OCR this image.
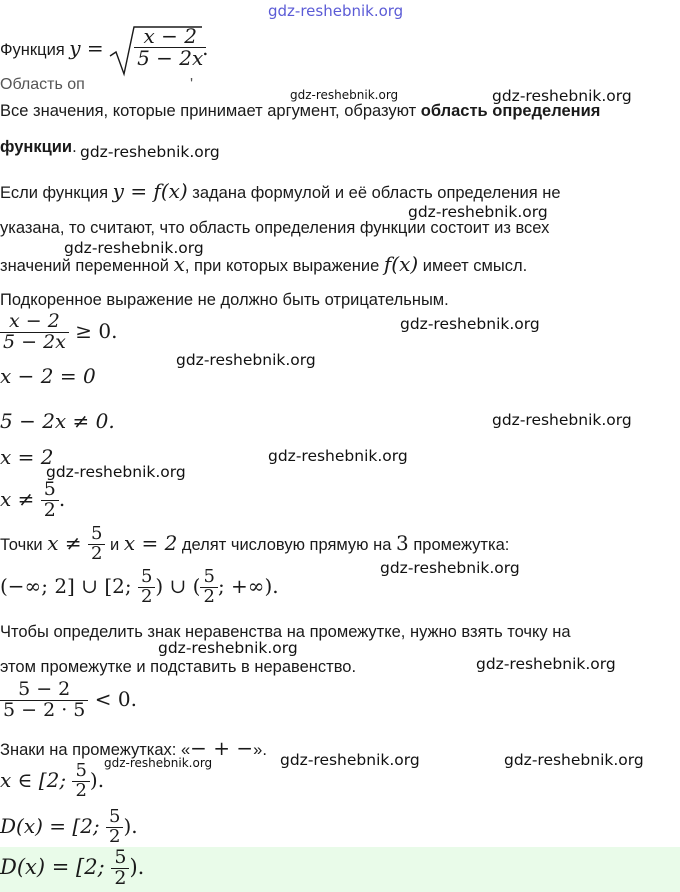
gdz-reshebnik.org
gdz-reshebnik.org	gdz-reshebnik.org
gdz-reshebnik.org
gdz-reshebnik.org
gdz-reshebnik.org
gdz-reshebnik.org
gdz-reshebnik.org
gdz-reshebnik.org
gdz-reshebnik.org
gdz-reshebnik.org
gdz-reshebnik.org
gdz-reshebnik.org
gdz-reshebnik.org
gdz-reshebnik.org	gdz-reshebnik.org	gdz-reshebnik.org
Функция $y = \frac{x - 2}{5 - 2x}$
.
Область оп	'
Все значения, которые принимает аргумент, образуют область определения
функции.
Если функция y = f(x) задана формулой и её область определения не
указана, то считают, что область определения функции состоит из всех
значений переменной x, при которых выражение f(x) имеет смысл.
Подкоренное выражение не должно быть отрицательным.
$\frac{x - 2}{5 - 2x} \ge 0$.
x − 2 = 0
5 − 2x ≠ 0.
x = 2
$x \ne \frac{5}{2}$ .
Точки $x \ne \frac{5}{2}$ и x = 2 делят числовую прямую на 3 промежутка:
(−∞; 2] ∪ [2; $\frac{5}{2}$ ) ∪ ( $\frac{5}{2}$ ; +∞).
Чтобы определить знак неравенства на промежутке, нужно взять точку на
этом промежутке и подставить в неравенство.
$\frac{5 - 2}{5 - 2 \cdot 5} < 0$.
Знаки на промежутках: «− + −».
x ∈ [2; $\frac{5}{2}$ ).
D(x) = [2; $\frac{5}{2}$ ).
D(x) = [2; $\frac{5}{2}$ ).
